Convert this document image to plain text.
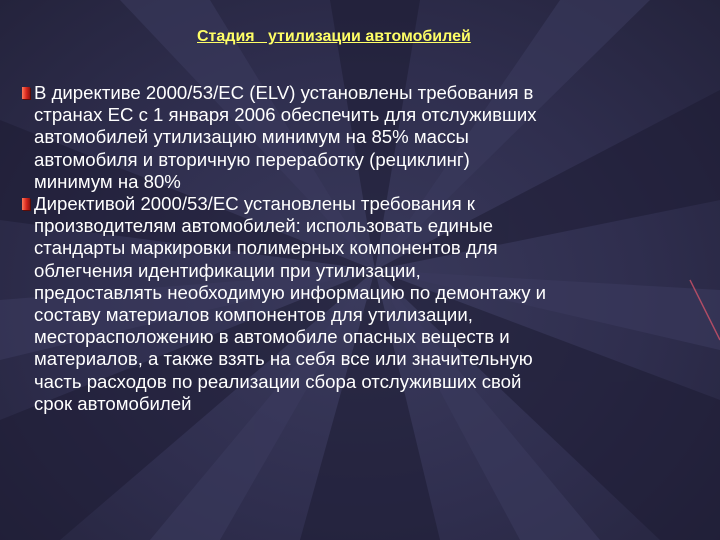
Стадия   утилизации автомобилей

В директиве 2000/53/ЕС (ELV) установлены требования в
странах ЕС с 1 января 2006 обеспечить для отслуживших
автомобилей утилизацию минимум на 85% массы
автомобиля и вторичную переработку (рециклинг)
минимум на 80%
Директивой 2000/53/ЕС установлены требования к
производителям автомобилей: использовать единые
стандарты маркировки полимерных компонентов для
облегчения идентификации при утилизации,
предоставлять необходимую информацию по демонтажу и
составу материалов компонентов для утилизации,
месторасположению в автомобиле опасных веществ и
материалов, а также взять на себя все или значительную
часть расходов по реализации сбора отслуживших свой
срок автомобилей
